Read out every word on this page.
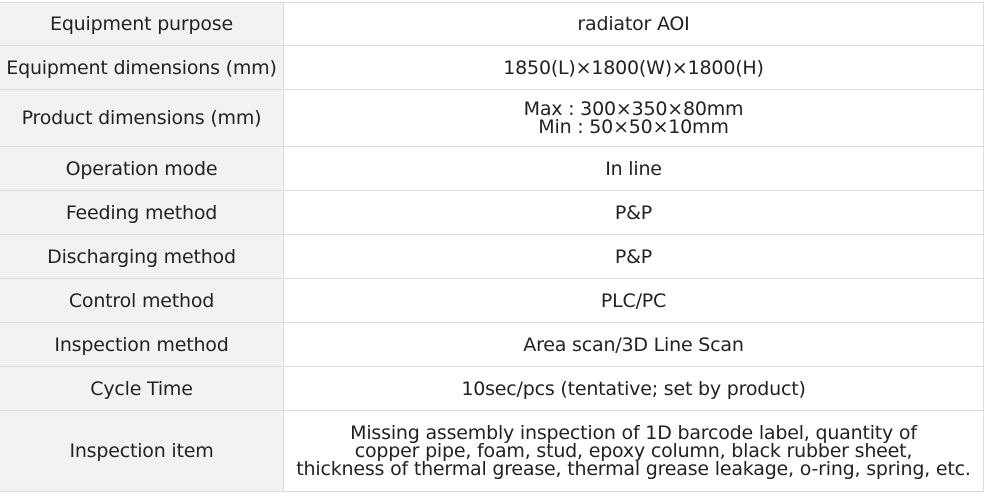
Equipment purpose	radiator AOI

Equipment dimensions (mm)	1850(L)×1800(W)×1800(H)

Product dimensions (mm)	Max : 300×350×80mm
Min : 50×50×10mm

Operation mode	In line

Feeding method	P&P

Discharging method	P&P

Control method	PLC/PC

Inspection method	Area scan/3D Line Scan

Cycle Time	10sec/pcs (tentative; set by product)

Inspection item	Missing assembly inspection of 1D barcode label, quantity of
copper pipe, foam, stud, epoxy column, black rubber sheet,
thickness of thermal grease, thermal grease leakage, o-ring, spring, etc.
